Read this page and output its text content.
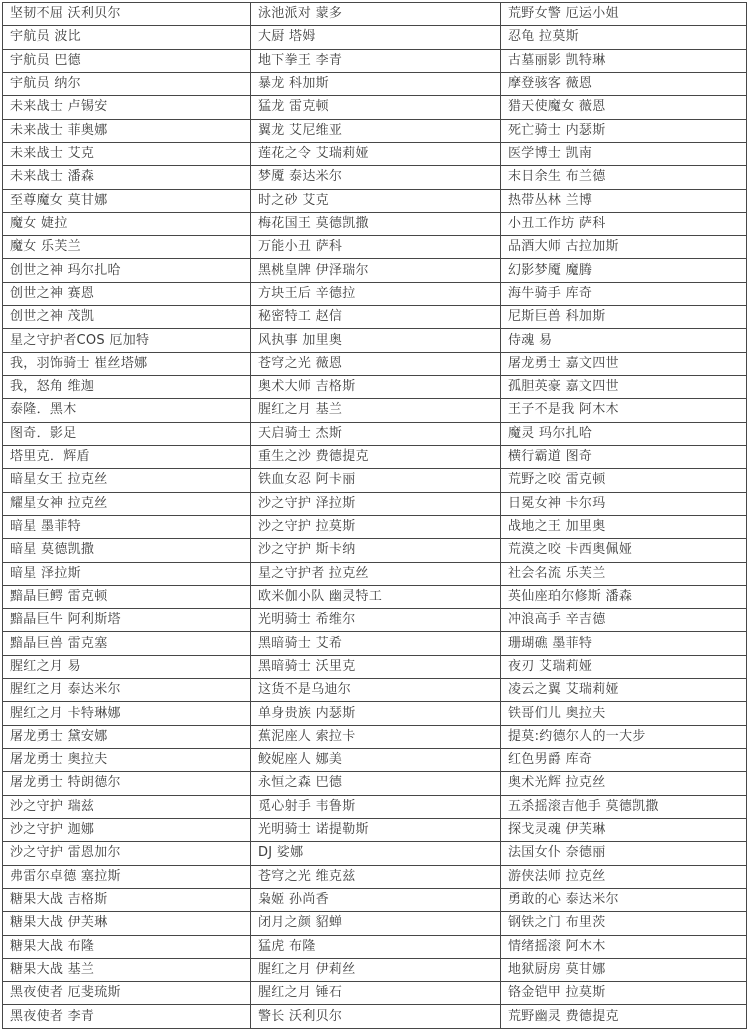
坚韧不屈 沃利贝尔	泳池派对 蒙多	荒野女警 厄运小姐
宇航员 波比	大厨 塔姆	忍龟 拉莫斯
宇航员 巴德	地下拳王 李青	古墓丽影 凯特琳
宇航员 纳尔	暴龙 科加斯	摩登骇客 薇恩
未来战士 卢锡安	猛龙 雷克顿	猎天使魔女 薇恩
未来战士 菲奥娜	翼龙 艾尼维亚	死亡骑士 内瑟斯
未来战士 艾克	莲花之令 艾瑞莉娅	医学博士 凯南
未来战士 潘森	梦魇 泰达米尔	末日余生 布兰德
至尊魔女 莫甘娜	时之砂 艾克	热带丛林 兰博
魔女 婕拉	梅花国王 莫德凯撒	小丑工作坊 萨科
魔女 乐芙兰	万能小丑 萨科	品酒大师 古拉加斯
创世之神 玛尔扎哈	黑桃皇牌 伊泽瑞尔	幻影梦魇 魔腾
创世之神 赛恩	方块王后 辛德拉	海牛骑手 库奇
创世之神 茂凯	秘密特工 赵信	尼斯巨兽 科加斯
星之守护者COS 厄加特	风执事 加里奥	侍魂 易
我，羽饰骑士 崔丝塔娜	苍穹之光 薇恩	屠龙勇士 嘉文四世
我，怒角 维迦	奥术大师 吉格斯	孤胆英豪 嘉文四世
泰隆．黑木	腥红之月 基兰	王子不是我 阿木木
图奇．影足	天启骑士 杰斯	魔灵 玛尔扎哈
塔里克．辉盾	重生之沙 费德提克	横行霸道 图奇
暗星女王 拉克丝	铁血女忍 阿卡丽	荒野之咬 雷克顿
耀星女神 拉克丝	沙之守护 泽拉斯	日冕女神 卡尔玛
暗星 墨菲特	沙之守护 拉莫斯	战地之王 加里奥
暗星 莫德凯撒	沙之守护 斯卡纳	荒漠之咬 卡西奥佩娅
暗星 泽拉斯	星之守护者 拉克丝	社会名流 乐芙兰
黯晶巨鳄 雷克顿	欧米伽小队 幽灵特工	英仙座珀尔修斯 潘森
黯晶巨牛 阿利斯塔	光明骑士 希维尔	冲浪高手 辛吉德
黯晶巨兽 雷克塞	黑暗骑士 艾希	珊瑚礁 墨菲特
腥红之月 易	黑暗骑士 沃里克	夜刃 艾瑞莉娅
腥红之月 泰达米尔	这货不是乌迪尔	凌云之翼 艾瑞莉娅
腥红之月 卡特琳娜	单身贵族 内瑟斯	铁哥们儿 奥拉夫
屠龙勇士 黛安娜	蕉泥座人 索拉卡	提莫:约德尔人的一大步
屠龙勇士 奥拉夫	鲛妮座人 娜美	红色男爵 库奇
屠龙勇士 特朗德尔	永恒之森 巴德	奥术光辉 拉克丝
沙之守护 瑞兹	觅心射手 韦鲁斯	五杀摇滚吉他手 莫德凯撒
沙之守护 迦娜	光明骑士 诺提勒斯	探戈灵魂 伊芙琳
沙之守护 雷恩加尔	DJ 娑娜	法国女仆 奈德丽
弗雷尔卓德 塞拉斯	苍穹之光 维克兹	游侠法师 拉克丝
糖果大战 吉格斯	枭姬 孙尚香	勇敢的心 泰达米尔
糖果大战 伊芙琳	闭月之颜 貂蝉	钢铁之门 布里茨
糖果大战 布隆	猛虎 布隆	情绪摇滚 阿木木
糖果大战 基兰	腥红之月 伊莉丝	地狱厨房 莫甘娜
黑夜使者 厄斐琉斯	腥红之月 锤石	铬金铠甲 拉莫斯
黑夜使者 李青	警长 沃利贝尔	荒野幽灵 费德提克
